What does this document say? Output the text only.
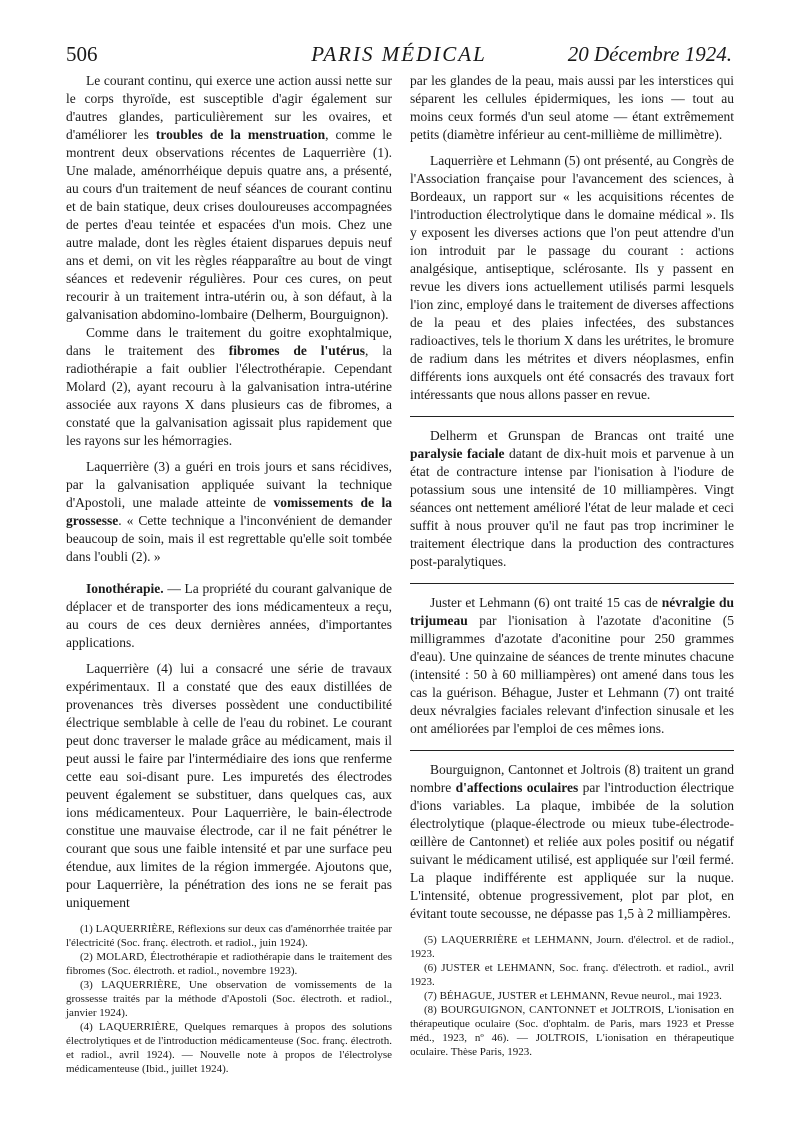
506	PARIS MÉDICAL	20 Décembre 1924.

Le courant continu, qui exerce une action aussi nette sur le corps thyroïde, est susceptible d'agir également sur d'autres glandes, particulièrement sur les ovaires, et d'améliorer les troubles de la menstruation, comme le montrent deux observations récentes de Laquerrière (1). Une malade, aménorrhéique depuis quatre ans, a présenté, au cours d'un traitement de neuf séances de courant continu et de bain statique, deux crises douloureuses accompagnées de pertes d'eau teintée et espacées d'un mois. Chez une autre malade, dont les règles étaient disparues depuis neuf ans et demi, on vit les règles réapparaître au bout de vingt séances et redevenir régulières. Pour ces cures, on peut recourir à un traitement intra-utérin ou, à son défaut, à la galvanisation abdomino-lombaire (Delherm, Bourguignon).

Comme dans le traitement du goitre exophtalmique, dans le traitement des fibromes de l'utérus, la radiothérapie a fait oublier l'électrothérapie. Cependant Molard (2), ayant recouru à la galvanisation intra-utérine associée aux rayons X dans plusieurs cas de fibromes, a constaté que la galvanisation agissait plus rapidement que les rayons sur les hémorragies.

Laquerrière (3) a guéri en trois jours et sans récidives, par la galvanisation appliquée suivant la technique d'Apostoli, une malade atteinte de vomissements de la grossesse. « Cette technique a l'inconvénient de demander beaucoup de soin, mais il est regrettable qu'elle soit tombée dans l'oubli (2). »

Ionothérapie. — La propriété du courant galvanique de déplacer et de transporter des ions médicamenteux a reçu, au cours de ces deux dernières années, d'importantes applications.

Laquerrière (4) lui a consacré une série de travaux expérimentaux. Il a constaté que des eaux distillées de provenances très diverses possèdent une conductibilité électrique semblable à celle de l'eau du robinet. Le courant peut donc traverser le malade grâce au médicament, mais il peut aussi le faire par l'intermédiaire des ions que renferme cette eau soi-disant pure. Les impuretés des électrodes peuvent également se substituer, dans quelques cas, aux ions médicamenteux. Pour Laquerrière, le bain-électrode constitue une mauvaise électrode, car il ne fait pénétrer le courant que sous une faible intensité et par une surface peu étendue, aux limites de la région immergée. Ajoutons que, pour Laquerrière, la pénétration des ions ne se ferait pas uniquement

(1) LAQUERRIÈRE, Réflexions sur deux cas d'aménorrhée traitée par l'électricité (Soc. franç. électroth. et radiol., juin 1924).

(2) MOLARD, Électrothérapie et radiothérapie dans le traitement des fibromes (Soc. électroth. et radiol., novembre 1923).

(3) LAQUERRIÈRE, Une observation de vomissements de la grossesse traités par la méthode d'Apostoli (Soc. électroth. et radiol., janvier 1924).

(4) LAQUERRIÈRE, Quelques remarques à propos des solutions électrolytiques et de l'introduction médicamenteuse (Soc. franç. électroth. et radiol., avril 1924). — Nouvelle note à propos de l'électrolyse médicamenteuse (Ibid., juillet 1924).

par les glandes de la peau, mais aussi par les interstices qui séparent les cellules épidermiques, les ions — tout au moins ceux formés d'un seul atome — étant extrêmement petits (diamètre inférieur au cent-millième de millimètre).

Laquerrière et Lehmann (5) ont présenté, au Congrès de l'Association française pour l'avancement des sciences, à Bordeaux, un rapport sur « les acquisitions récentes de l'introduction électrolytique dans le domaine médical ». Ils y exposent les diverses actions que l'on peut attendre d'un ion introduit par le passage du courant : actions analgésique, antiseptique, sclérosante. Ils y passent en revue les divers ions actuellement utilisés parmi lesquels l'ion zinc, employé dans le traitement de diverses affections de la peau et des plaies infectées, des substances radioactives, tels le thorium X dans les urétrites, le bromure de radium dans les métrites et divers néoplasmes, enfin différents ions auxquels ont été consacrés des travaux fort intéressants que nous allons passer en revue.

Delherm et Grunspan de Brancas ont traité une paralysie faciale datant de dix-huit mois et parvenue à un état de contracture intense par l'ionisation à l'iodure de potassium sous une intensité de 10 milliampères. Vingt séances ont nettement amélioré l'état de leur malade et ceci suffit à nous prouver qu'il ne faut pas trop incriminer le traitement électrique dans la production des contractures post-paralytiques.

Juster et Lehmann (6) ont traité 15 cas de névralgie du trijumeau par l'ionisation à l'azotate d'aconitine (5 milligrammes d'azotate d'aconitine pour 250 grammes d'eau). Une quinzaine de séances de trente minutes chacune (intensité : 50 à 60 milliampères) ont amené dans tous les cas la guérison. Béhague, Juster et Lehmann (7) ont traité deux névralgies faciales relevant d'infection sinusale et les ont améliorées par l'emploi de ces mêmes ions.

Bourguignon, Cantonnet et Joltrois (8) traitent un grand nombre d'affections oculaires par l'introduction électrique d'ions variables. La plaque, imbibée de la solution électrolytique (plaque-électrode ou mieux tube-électrode-œillère de Cantonnet) et reliée aux poles positif ou négatif suivant le médicament utilisé, est appliquée sur l'œil fermé. La plaque indifférente est appliquée sur la nuque. L'intensité, obtenue progressivement, plot par plot, en évitant toute secousse, ne dépasse pas 1,5 à 2 milliampères.

(5) LAQUERRIÈRE et LEHMANN, Journ. d'électrol. et de radiol., 1923.

(6) JUSTER et LEHMANN, Soc. franç. d'électroth. et radiol., avril 1923.

(7) BÉHAGUE, JUSTER et LEHMANN, Revue neurol., mai 1923.

(8) BOURGUIGNON, CANTONNET et JOLTROIS, L'ionisation en thérapeutique oculaire (Soc. d'ophtalm. de Paris, mars 1923 et Presse méd., 1923, nº 46). — JOLTROIS, L'ionisation en thérapeutique oculaire. Thèse Paris, 1923.
